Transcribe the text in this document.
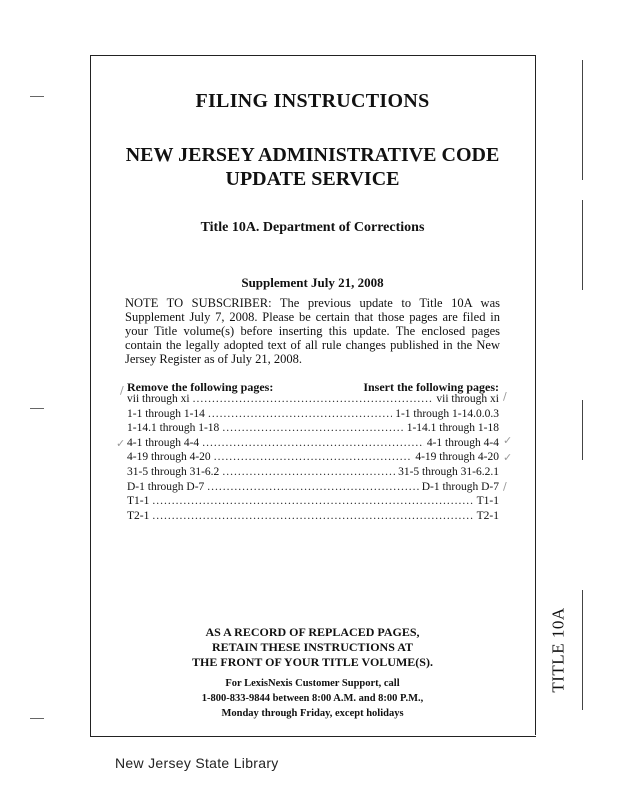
FILING INSTRUCTIONS
NEW JERSEY ADMINISTRATIVE CODE
UPDATE SERVICE
Title 10A. Department of Corrections
Supplement July 21, 2008
NOTE TO SUBSCRIBER: The previous update to Title 10A was Supplement July 7, 2008. Please be certain that those pages are filed in your Title volume(s) before inserting this update. The enclosed pages contain the legally adopted text of all rule changes published in the New Jersey Register as of July 21, 2008.
Remove the following pages:	Insert the following pages:
vii through xi .....	vii through xi
1-1 through 1-14 .....	1-1 through 1-14.0.0.3
1-14.1 through 1-18 .....	1-14.1 through 1-18
4-1 through 4-4 .....	4-1 through 4-4
4-19 through 4-20 .....	4-19 through 4-20
31-5 through 31-6.2 .....	31-5 through 31-6.2.1
D-1 through D-7 .....	D-1 through D-7
T1-1 .....	T1-1
T2-1 .....	T2-1
/
✓	✓
✓
/
/
AS A RECORD OF REPLACED PAGES,
RETAIN THESE INSTRUCTIONS AT
THE FRONT OF YOUR TITLE VOLUME(S).
For LexisNexis Customer Support, call
1-800-833-9844 between 8:00 A.M. and 8:00 P.M.,
Monday through Friday, except holidays
TITLE 10A
New Jersey State Library
